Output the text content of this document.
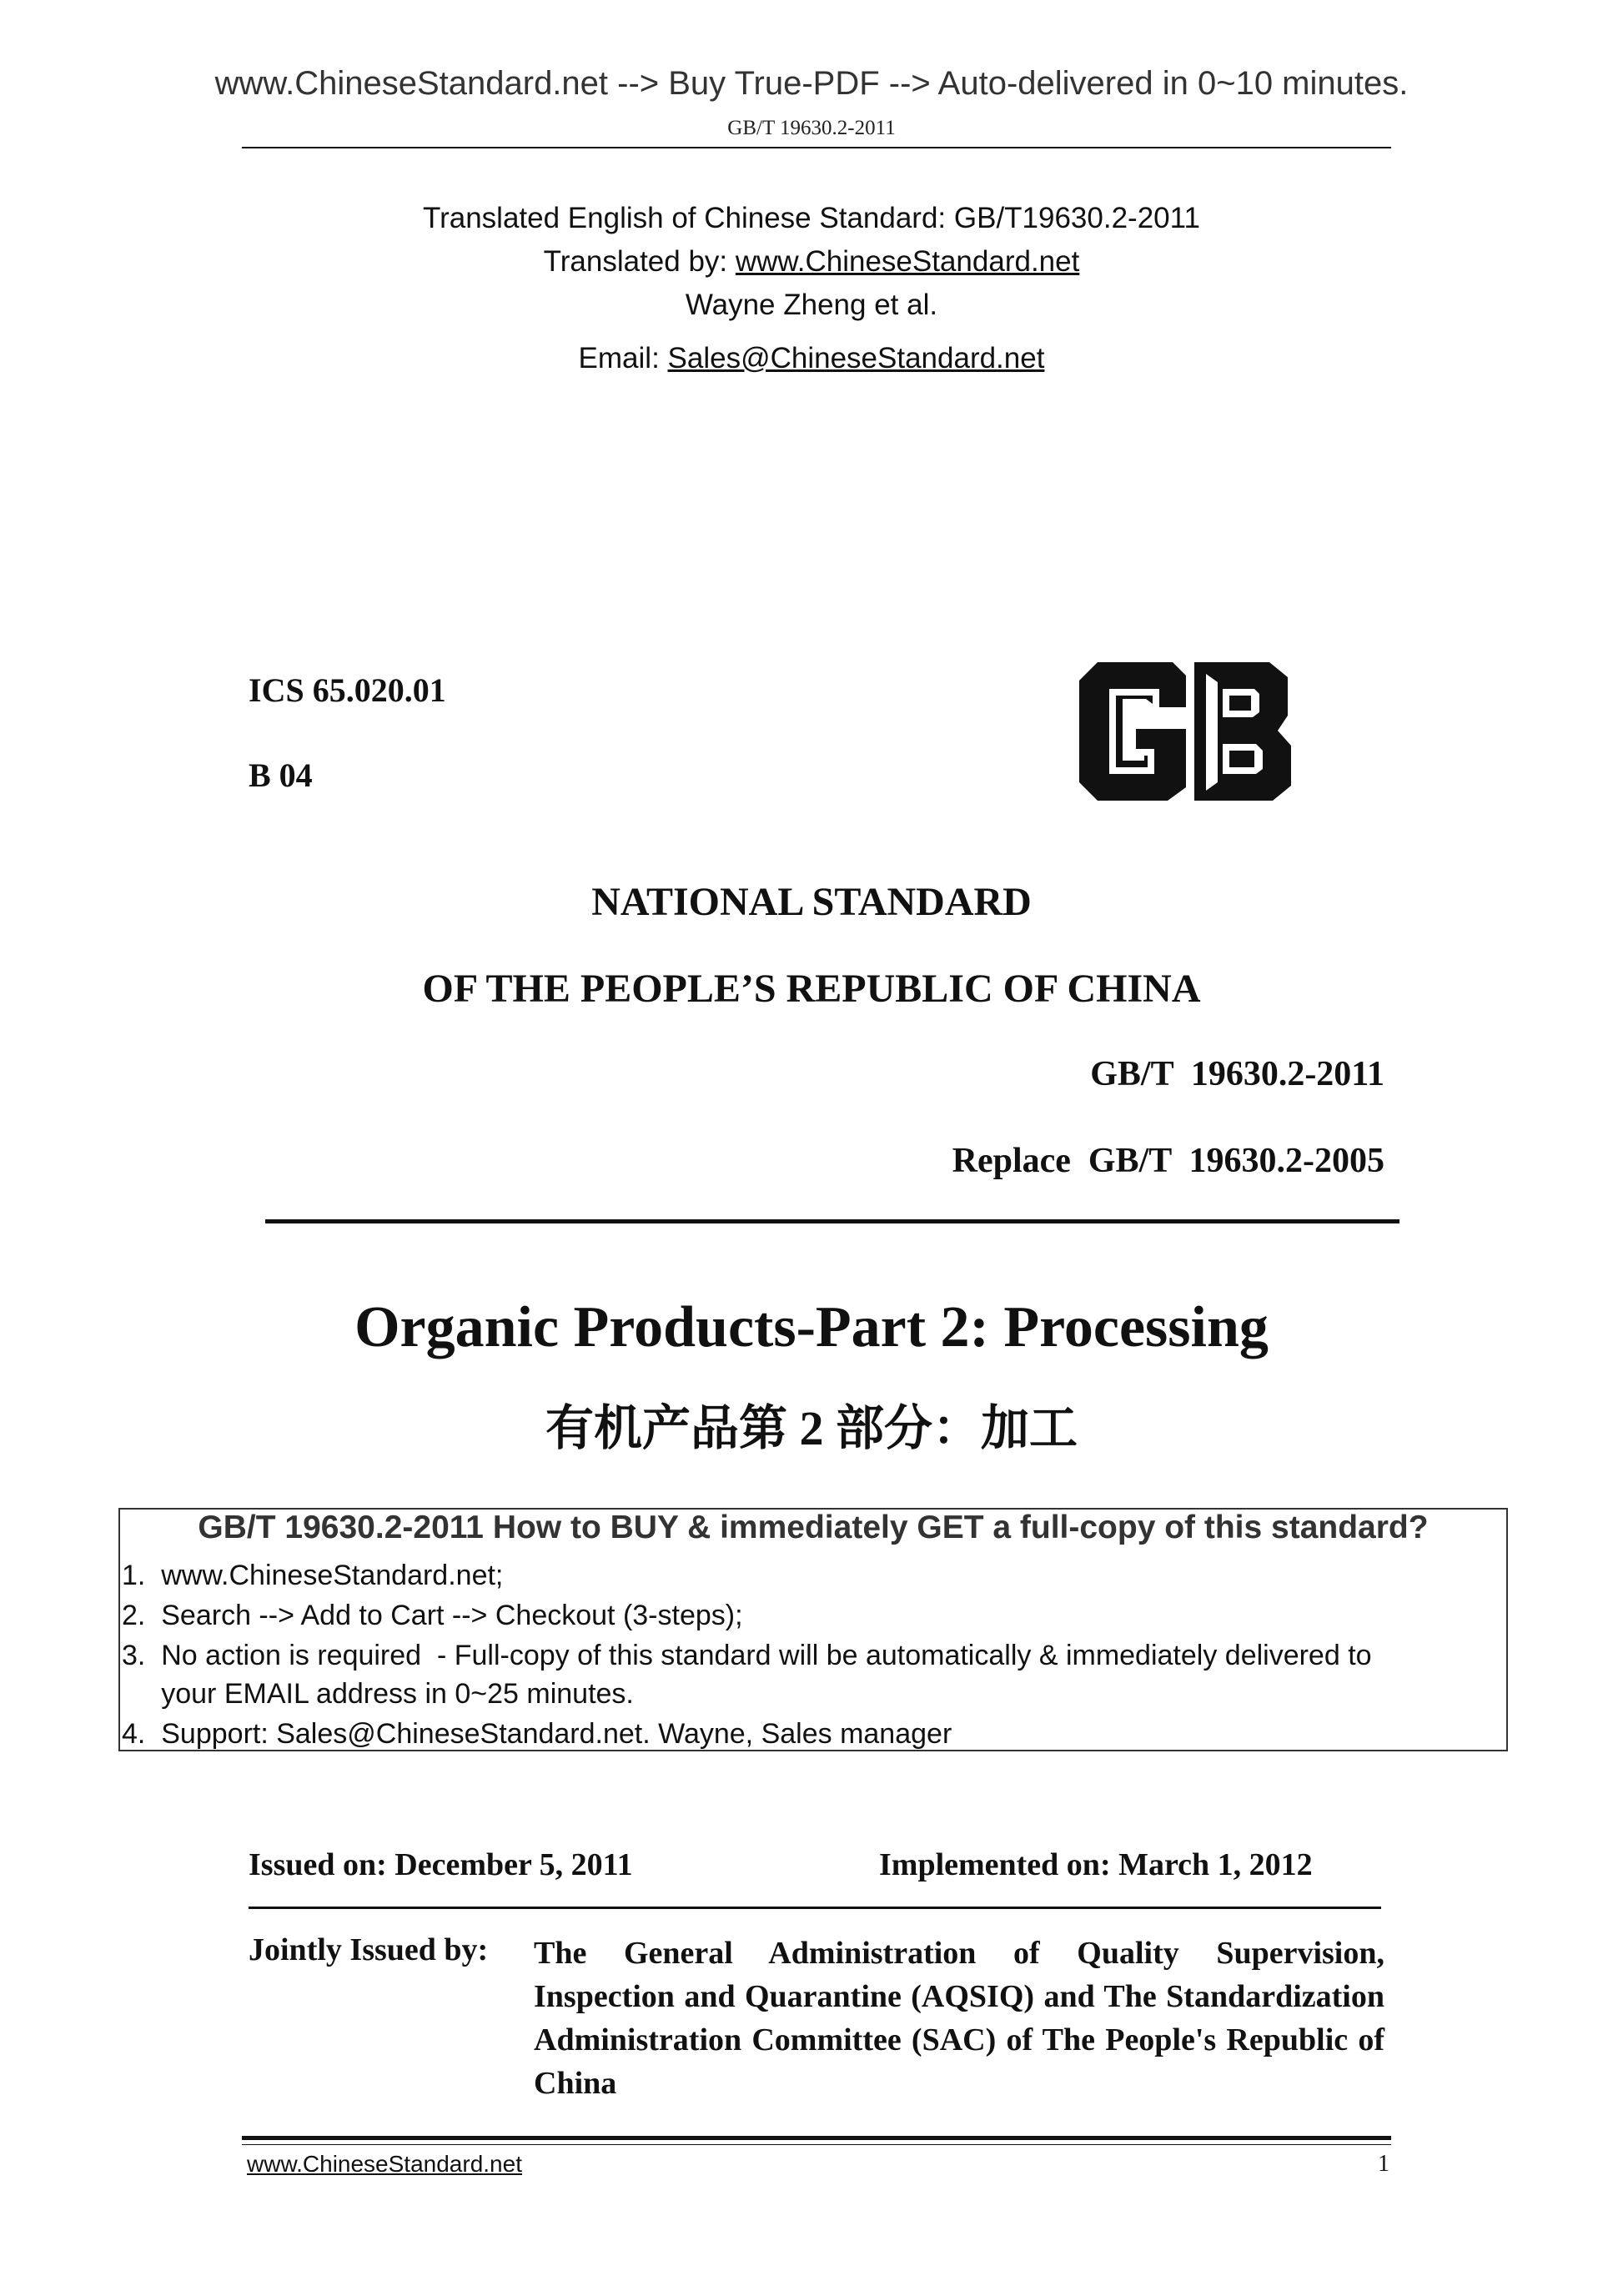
www.ChineseStandard.net --> Buy True-PDF --> Auto-delivered in 0~10 minutes.
GB/T 19630.2-2011
Translated English of Chinese Standard: GB/T19630.2-2011
Translated by: www.ChineseStandard.net
Wayne Zheng et al.
Email: Sales@ChineseStandard.net
ICS 65.020.01
B 04
NATIONAL STANDARD
OF THE PEOPLE’S REPUBLIC OF CHINA
GB/T  19630.2-2011
Replace  GB/T  19630.2-2005
Organic Products-Part 2: Processing
有机产品第 2 部分：加工
GB/T 19630.2-2011 How to BUY & immediately GET a full-copy of this standard?
1.  www.ChineseStandard.net;
2.  Search --> Add to Cart --> Checkout (3-steps);
3.  No action is required  - Full-copy of this standard will be automatically & immediately delivered to
your EMAIL address in 0~25 minutes.
4.  Support: Sales@ChineseStandard.net. Wayne, Sales manager
Issued on: December 5, 2011	Implemented on: March 1, 2012
Jointly Issued by: The General Administration of Quality Supervision, Inspection and Quarantine (AQSIQ) and The Standardization Administration Committee (SAC) of The People's Republic of China
www.ChineseStandard.net	1
